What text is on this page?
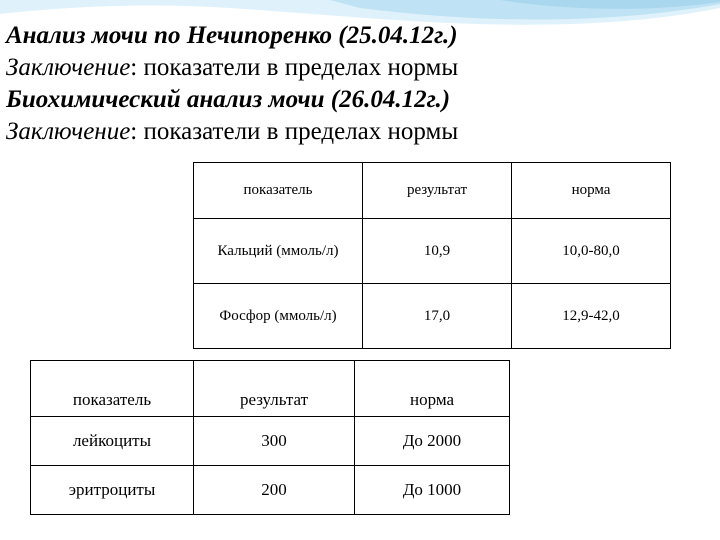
Анализ мочи по Нечипоренко (25.04.12г.)
Заключение: показатели в пределах нормы
Биохимический анализ мочи (26.04.12г.)
Заключение: показатели в пределах нормы
показатель	результат	норма
Кальций (ммоль/л)	10,9	10,0-80,0
Фосфор (ммоль/л)	17,0	12,9-42,0
показатель	результат	норма
лейкоциты	300	До 2000
эритроциты	200	До 1000
